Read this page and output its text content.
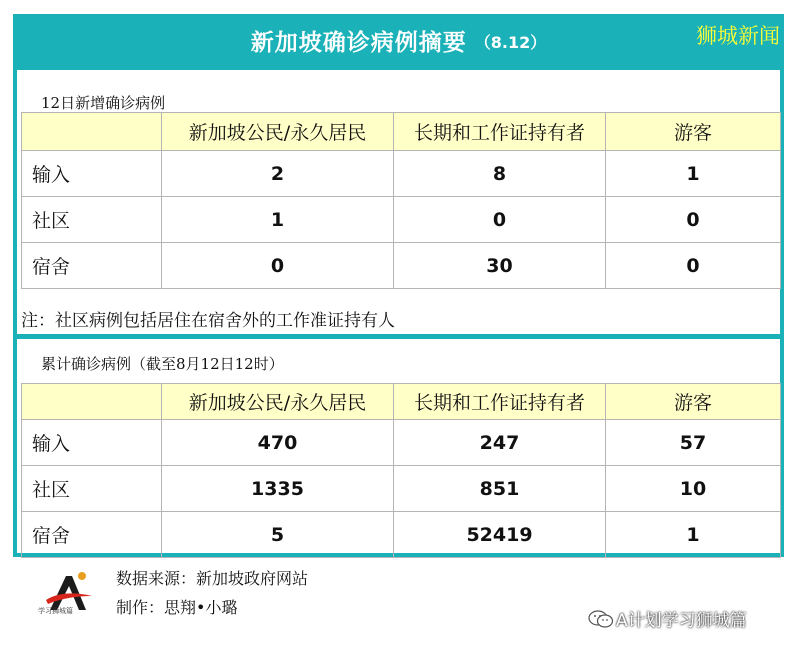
新加坡确诊病例摘要 （8.12）	狮城新闻
12日新增确诊病例
	新加坡公民/永久居民	长期和工作证持有者	游客
输入	2	8	1
社区	1	0	0
宿舍	0	30	0
注：社区病例包括居住在宿舍外的工作准证持有人
累计确诊病例（截至8月12日12时）
	新加坡公民/永久居民	长期和工作证持有者	游客
输入	470	247	57
社区	1335	851	10
宿舍	5	52419	1
学习狮城篇
数据来源：新加坡政府网站
制作：思翔•小璐
A计划学习狮城篇
